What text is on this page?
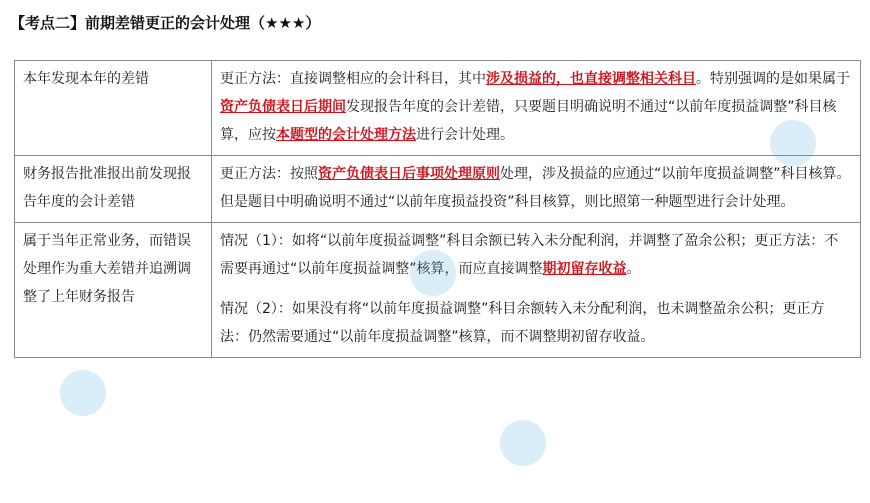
【考点二】前期差错更正的会计处理（★★★）
本年发现本年的差错	更正方法：直接调整相应的会计科目，其中涉及损益的，也直接调整相关科目。特别强调的是如果属于资产负债表日后期间发现报告年度的会计差错，只要题目明确说明不通过“以前年度损益调整”科目核算，应按本题型的会计处理方法进行会计处理。

财务报告批准报出前发现报告年度的会计差错	更正方法：按照资产负债表日后事项处理原则处理，涉及损益的应通过“以前年度损益调整”科目核算。但是题目中明确说明不通过“以前年度损益投资”科目核算，则比照第一种题型进行会计处理。

属于当年正常业务，而错误处理作为重大差错并追溯调整了上年财务报告	情况（1）：如将“以前年度损益调整”科目余额已转入未分配利润，并调整了盈余公积；更正方法：不需要再通过“以前年度损益调整”核算，而应直接调整期初留存收益。

情况（2）：如果没有将“以前年度损益调整”科目余额转入未分配利润，也未调整盈余公积；更正方法：仍然需要通过“以前年度损益调整”核算，而不调整期初留存收益。
